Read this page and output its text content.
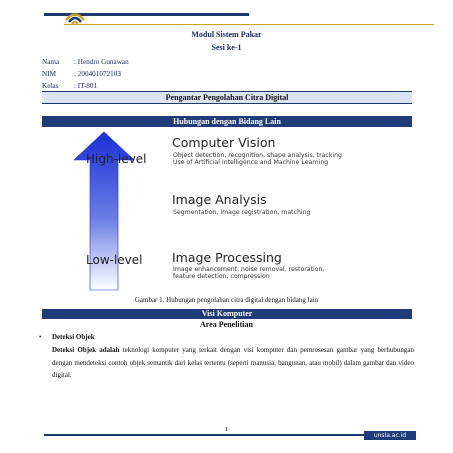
Modul Sistem Pakar
Sesi ke-1
Nama : Hendro Gunawan
NIM	: 200401072103
Kelas : IT-801
Pengantar Pengolahan Citra Digital
Hubungan dengan Bidang Lain
High-level
Low-level
Computer Vision
Object detection, recognition, shape analysis, tracking
Use of Artificial Intelligence and Machine Learning
Image Analysis
Segmentation, image registration, matching
Image Processing
Image enhancement, noise removal, restoration,
feature detection, compression
Gambar 1. Hubungan pengolahan citra digital dengan bidang lain
Visi Komputer
Area Penelitian
• Deteksi Objek
Deteksi Objek adalah teknologi komputer yang terkait dengan visi komputer dan pemrosesan gambar yang berhubungan dengan mendeteksi contoh objek semantik dari kelas tertentu (seperti manusia, bangunan, atau mobil) dalam gambar dan video digital.
1
unsla.ac.id
